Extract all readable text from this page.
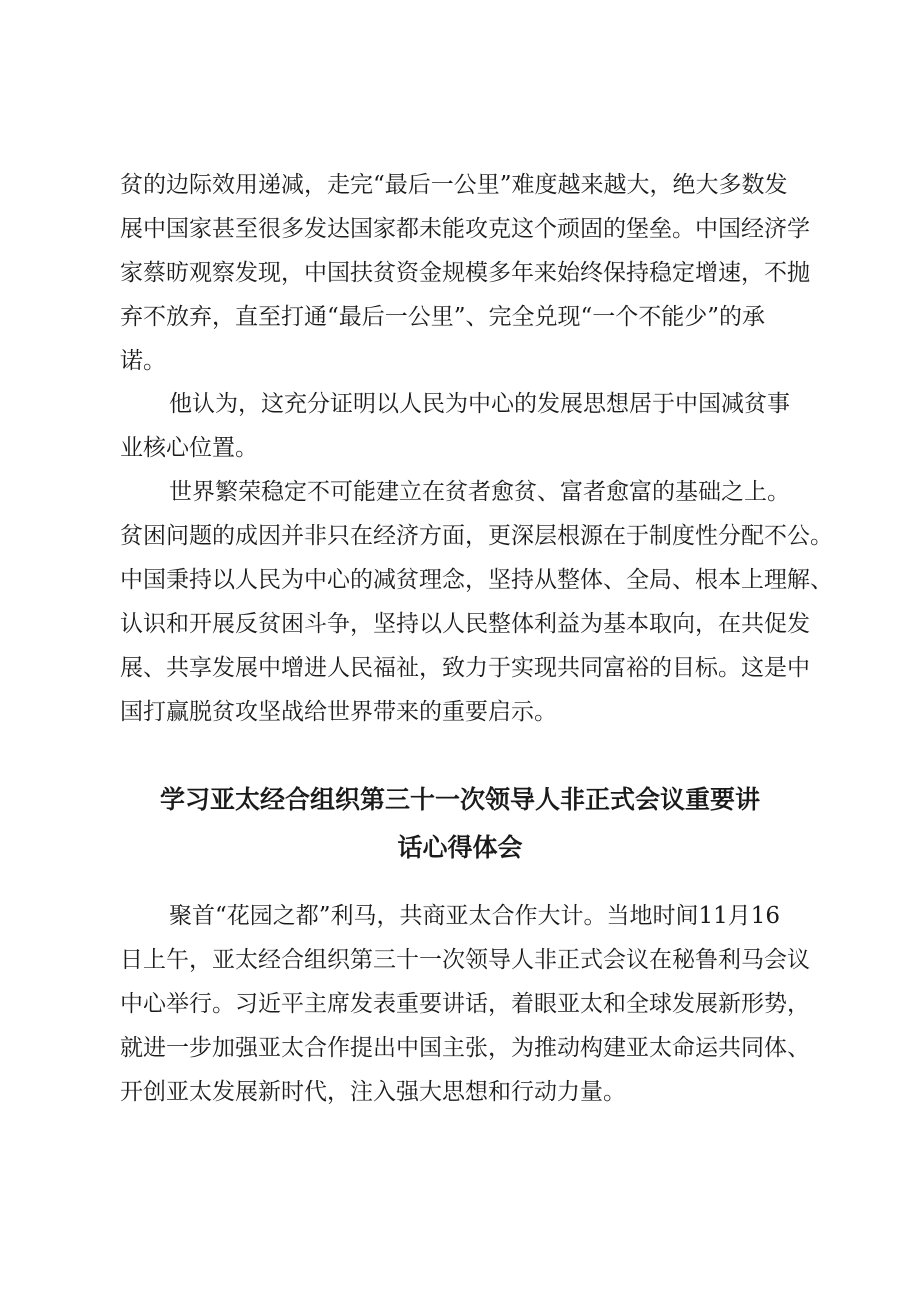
贫的边际效用递减，走完“最后一公里”难度越来越大，绝大多数发
展中国家甚至很多发达国家都未能攻克这个顽固的堡垒。中国经济学
家蔡昉观察发现，中国扶贫资金规模多年来始终保持稳定增速，不抛
弃不放弃，直至打通“最后一公里”、完全兑现“一个不能少”的承
诺。
他认为，这充分证明以人民为中心的发展思想居于中国减贫事
业核心位置。
世界繁荣稳定不可能建立在贫者愈贫、富者愈富的基础之上。
贫困问题的成因并非只在经济方面，更深层根源在于制度性分配不公。
中国秉持以人民为中心的减贫理念，坚持从整体、全局、根本上理解、
认识和开展反贫困斗争，坚持以人民整体利益为基本取向，在共促发
展、共享发展中增进人民福祉，致力于实现共同富裕的目标。这是中
国打赢脱贫攻坚战给世界带来的重要启示。
学习亚太经合组织第三十一次领导人非正式会议重要讲
话心得体会
聚首“花园之都”利马，共商亚太合作大计。当地时间11月16
日上午，亚太经合组织第三十一次领导人非正式会议在秘鲁利马会议
中心举行。习近平主席发表重要讲话，着眼亚太和全球发展新形势，
就进一步加强亚太合作提出中国主张，为推动构建亚太命运共同体、
开创亚太发展新时代，注入强大思想和行动力量。
